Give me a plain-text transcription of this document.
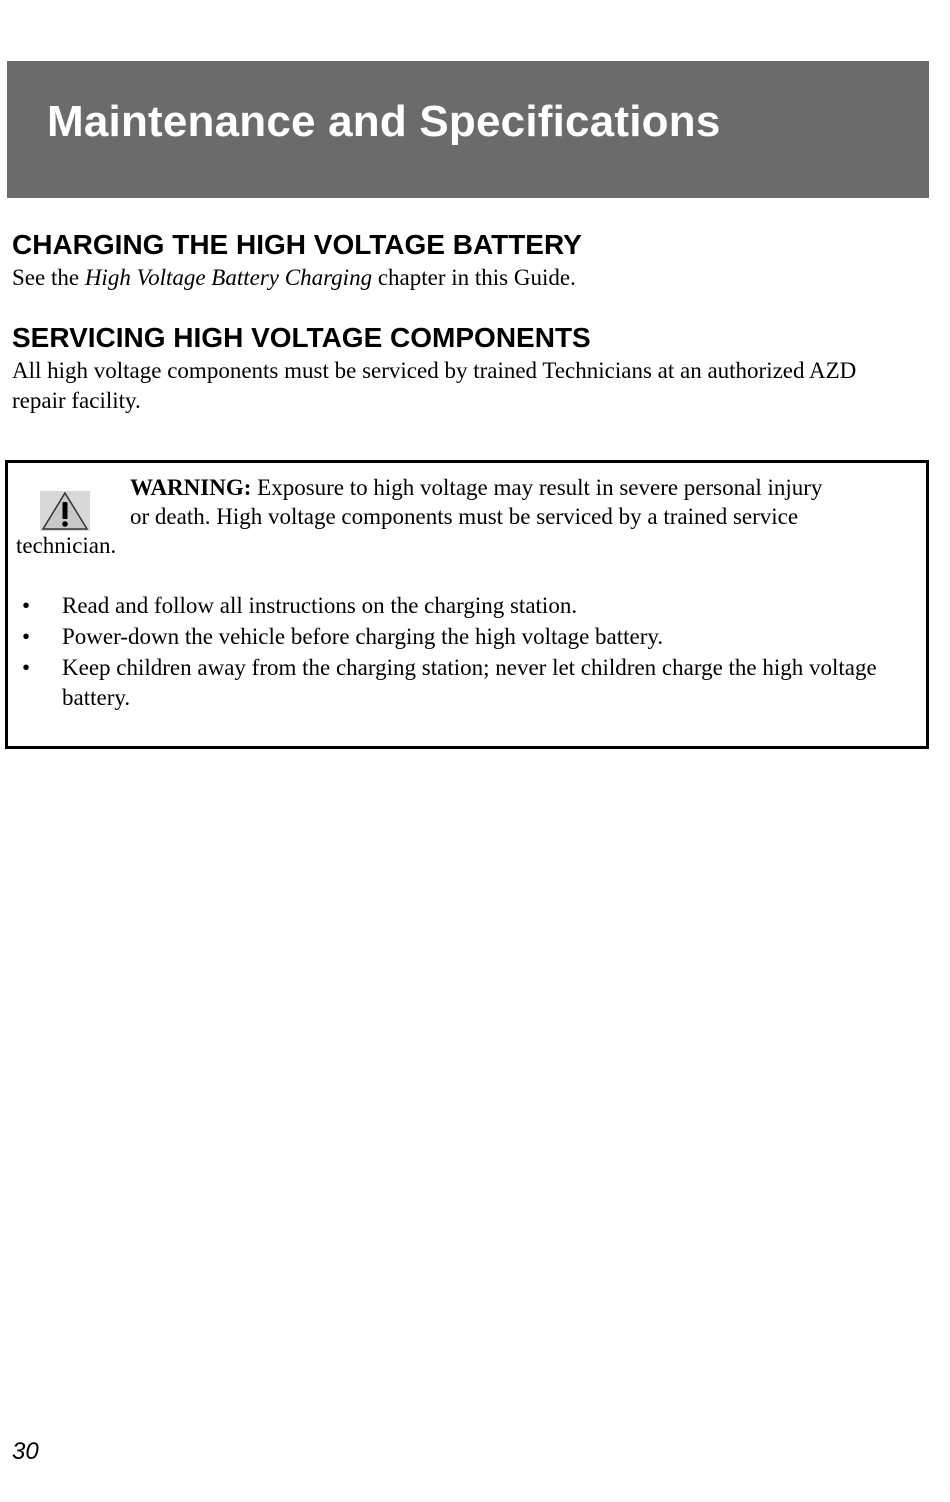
Maintenance and Specifications
CHARGING THE HIGH VOLTAGE BATTERY

See the High Voltage Battery Charging chapter in this Guide.

SERVICING HIGH VOLTAGE COMPONENTS

All high voltage components must be serviced by trained Technicians at an authorized AZD repair facility.

WARNING: Exposure to high voltage may result in severe personal injury
or death. High voltage components must be serviced by a trained service
technician.

• Read and follow all instructions on the charging station.
• Power-down the vehicle before charging the high voltage battery.
• Keep children away from the charging station; never let children charge the high voltage battery.

30
